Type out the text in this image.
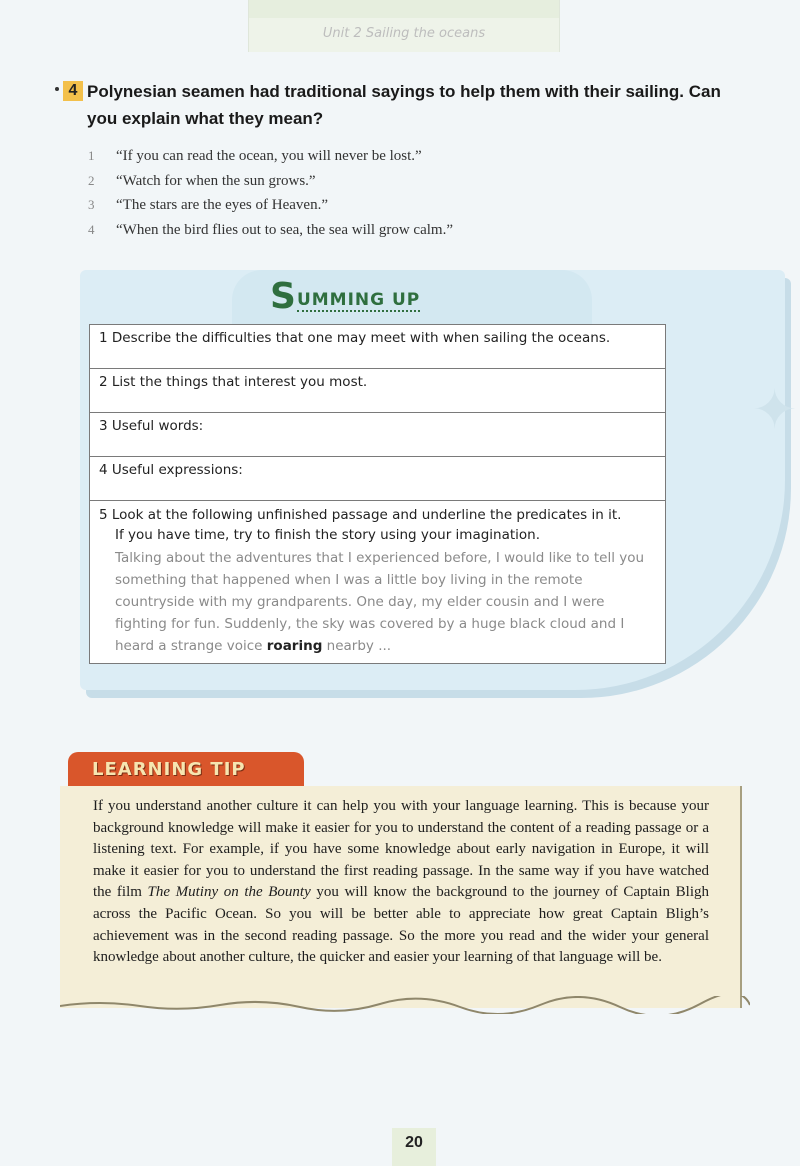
Unit 2 Sailing the oceans
4 Polynesian seamen had traditional sayings to help them with their sailing. Can you explain what they mean?
1 “If you can read the ocean, you will never be lost.”
2 “Watch for when the sun grows.”
3 “The stars are the eyes of Heaven.”
4 “When the bird flies out to sea, the sea will grow calm.”
✦
SUMMING UP
1 Describe the difficulties that one may meet with when sailing the oceans.
2 List the things that interest you most.
3 Useful words:
4 Useful expressions:

5 Look at the following unfinished passage and underline the predicates in it.
If you have time, try to finish the story using your imagination.
Talking about the adventures that I experienced before, I would like to tell you something that happened when I was a little boy living in the remote countryside with my grandparents. One day, my elder cousin and I were fighting for fun. Suddenly, the sky was covered by a huge black cloud and I heard a strange voice roaring nearby ...
LEARNING TIP
If you understand another culture it can help you with your language learning. This is because your background knowledge will make it easier for you to understand the content of a reading passage or a listening text. For example, if you have some knowledge about early navigation in Europe, it will make it easier for you to understand the first reading passage. In the same way if you have watched the film The Mutiny on the Bounty you will know the background to the journey of Captain Bligh across the Pacific Ocean. So you will be better able to appreciate how great Captain Bligh’s achievement was in the second reading passage. So the more you read and the wider your general knowledge about another culture, the quicker and easier your learning of that language will be.
20
